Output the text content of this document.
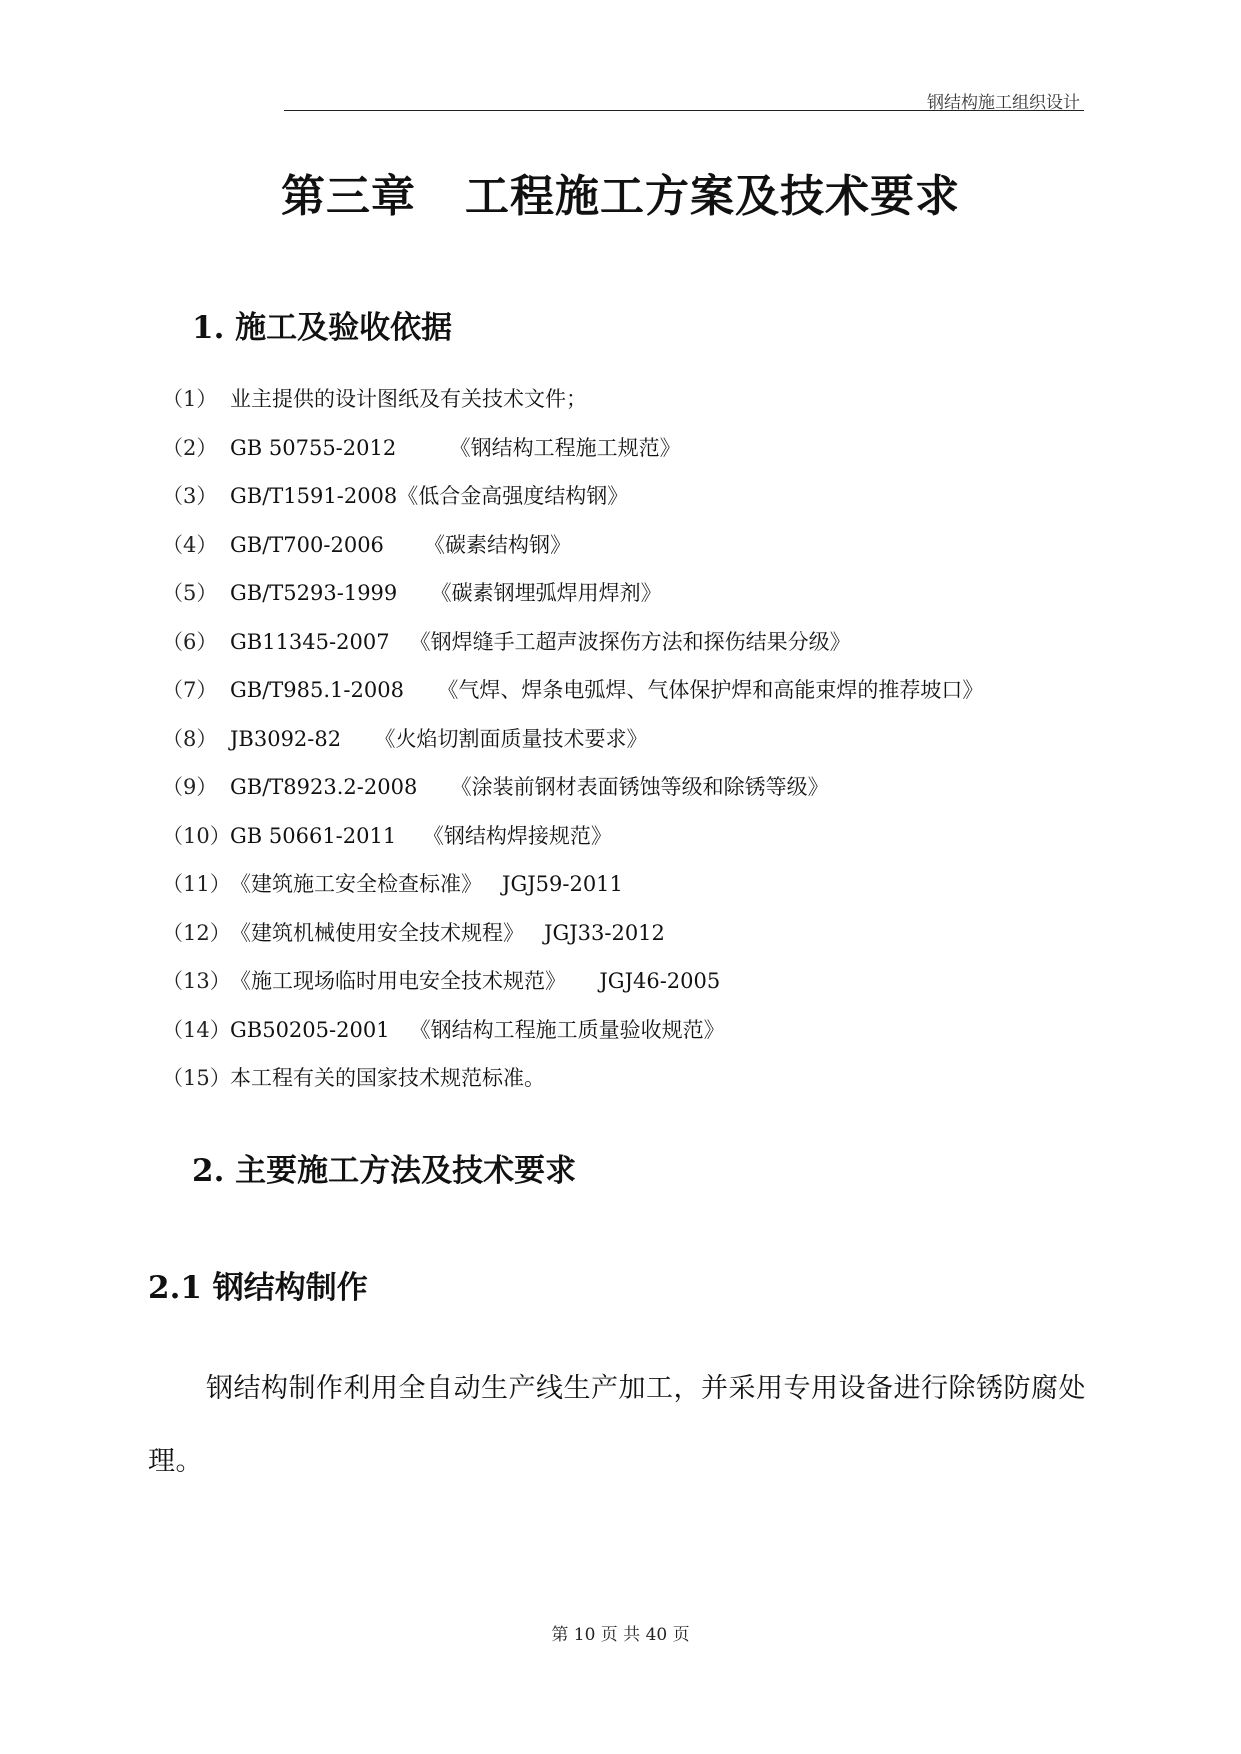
钢结构施工组织设计
第三章   工程施工方案及技术要求
1. 施工及验收依据
（1） 业主提供的设计图纸及有关技术文件；
（2） GB 50755-2012        《钢结构工程施工规范》
（3） GB/T1591-2008《低合金高强度结构钢》
（4） GB/T700-2006      《碳素结构钢》
（5） GB/T5293-1999     《碳素钢埋弧焊用焊剂》
（6） GB11345-2007   《钢焊缝手工超声波探伤方法和探伤结果分级》
（7） GB/T985.1-2008     《气焊、焊条电弧焊、气体保护焊和高能束焊的推荐坡口》
（8） JB3092-82     《火焰切割面质量技术要求》
（9） GB/T8923.2-2008     《涂装前钢材表面锈蚀等级和除锈等级》
（10） GB 50661-2011    《钢结构焊接规范》
（11） 《建筑施工安全检查标准》   JGJ59-2011
（12） 《建筑机械使用安全技术规程》   JGJ33-2012
（13） 《施工现场临时用电安全技术规范》     JGJ46-2005
（14） GB50205-2001   《钢结构工程施工质量验收规范》
（15） 本工程有关的国家技术规范标准。
2. 主要施工方法及技术要求
2.1 钢结构制作

钢结构制作利用全自动生产线生产加工，并采用专用设备进行除锈防腐处理。

第 10 页 共 40 页
